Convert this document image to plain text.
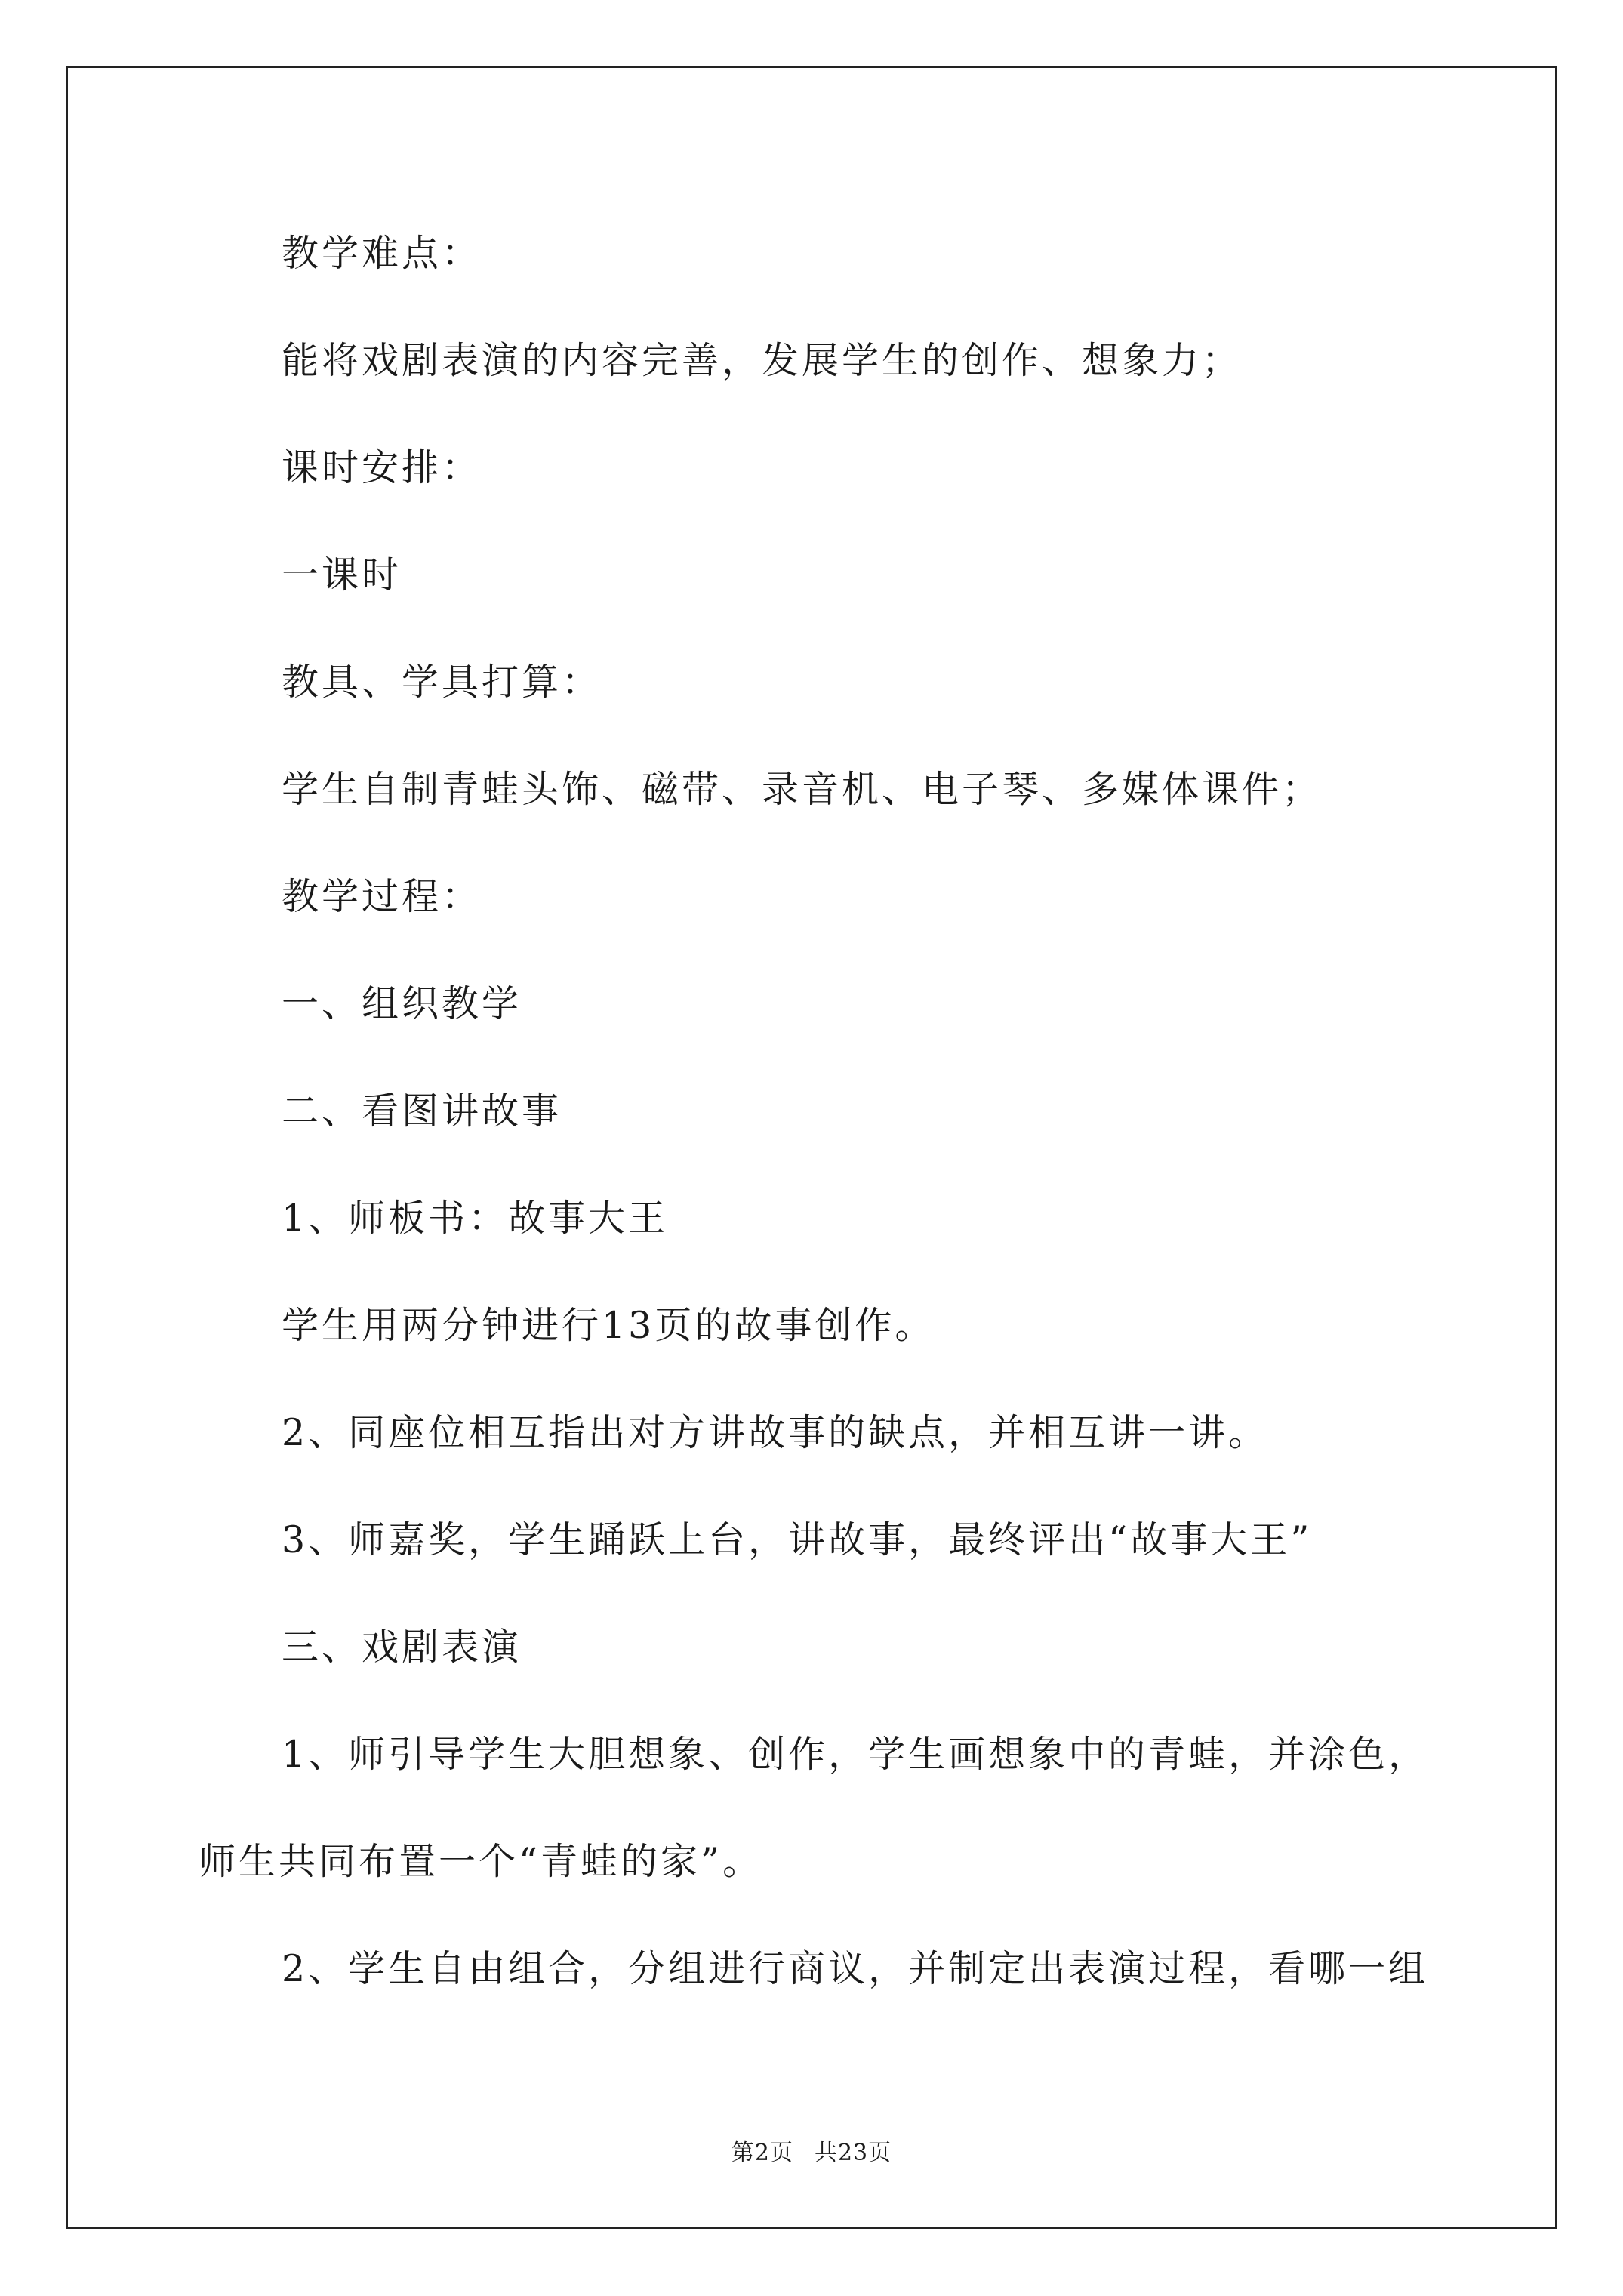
教学难点：
能将戏剧表演的内容完善，发展学生的创作、想象力；
课时安排：
一课时
教具、学具打算：
学生自制青蛙头饰、磁带、录音机、电子琴、多媒体课件；
教学过程：
一、组织教学
二、看图讲故事
1、师板书：故事大王
学生用两分钟进行13页的故事创作。
2、同座位相互指出对方讲故事的缺点，并相互讲一讲。
3、师嘉奖，学生踊跃上台，讲故事，最终评出“故事大王”
三、戏剧表演
1、师引导学生大胆想象、创作，学生画想象中的青蛙，并涂色，
师生共同布置一个“青蛙的家”。
2、学生自由组合，分组进行商议，并制定出表演过程，看哪一组
第2页 共23页
